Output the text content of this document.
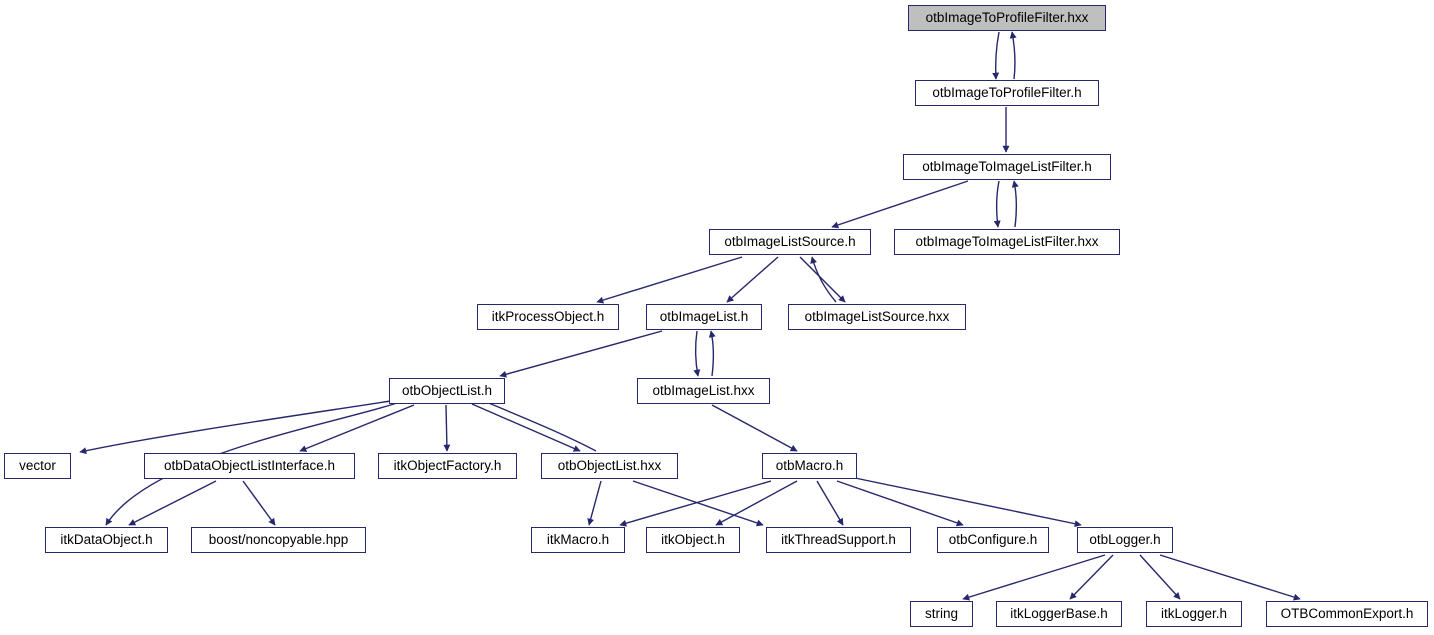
otbImageToProfileFilter.hxx
otbImageToProfileFilter.h
otbImageToImageListFilter.h
otbImageToImageListFilter.hxx
otbImageListSource.h
itkProcessObject.h	otbImageList.h	otbImageListSource.hxx
otbObjectList.h	otbImageList.hxx
vector	otbDataObjectListInterface.h	itkObjectFactory.h	otbObjectList.hxx	otbMacro.h
itkDataObject.h	boost/noncopyable.hpp	itkMacro.h	itkObject.h	itkThreadSupport.h	otbConfigure.h	otbLogger.h
string	itkLoggerBase.h	itkLogger.h	OTBCommonExport.h
